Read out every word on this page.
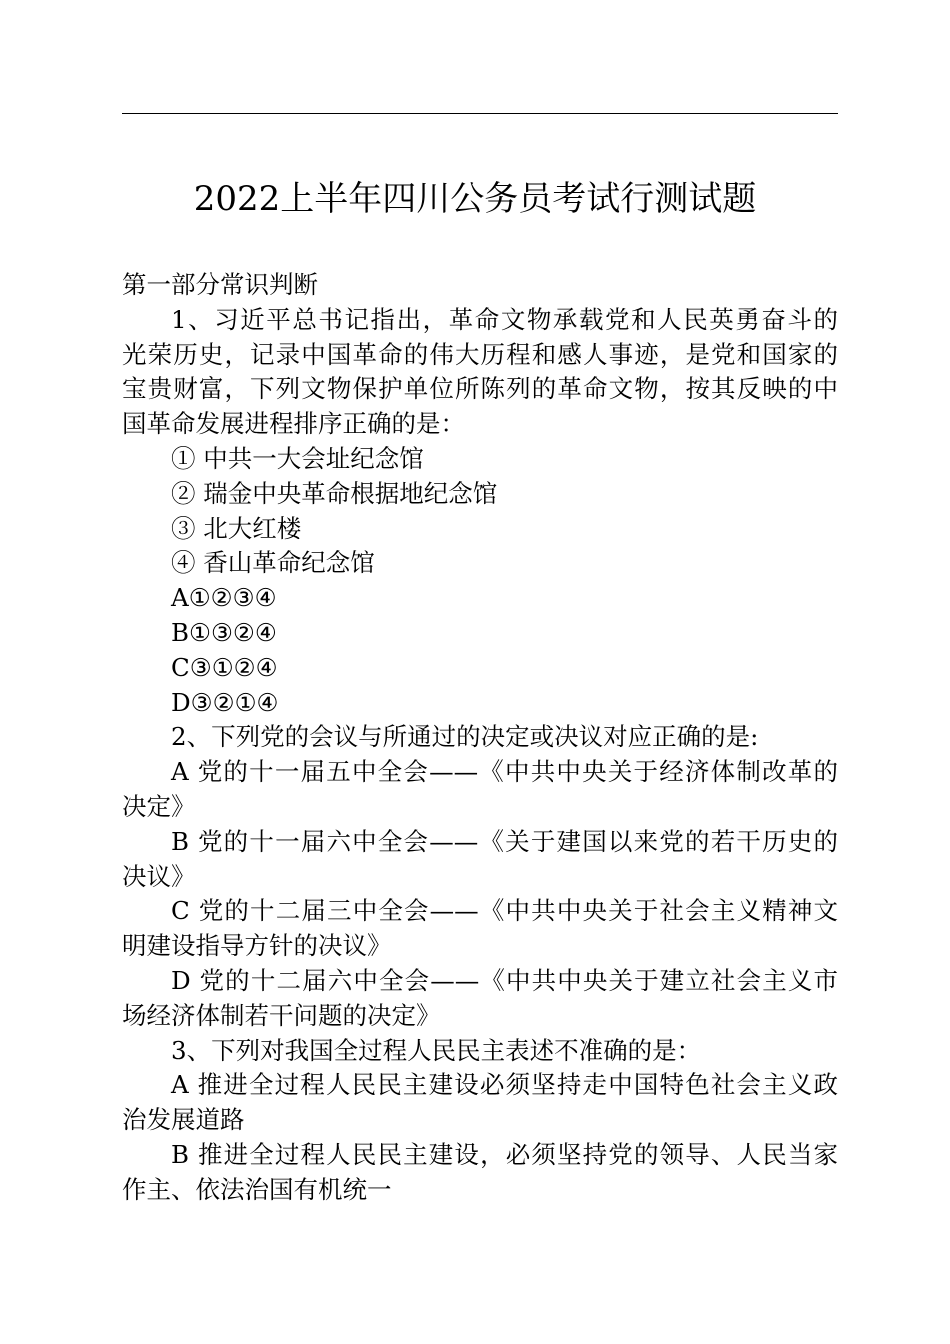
2022上半年四川公务员考试行测试题
第一部分常识判断
1、习近平总书记指出，革命文物承载党和人民英勇奋斗的
光荣历史，记录中国革命的伟大历程和感人事迹，是党和国家的
宝贵财富，下列文物保护单位所陈列的革命文物，按其反映的中
国革命发展进程排序正确的是：
① 中共一大会址纪念馆
② 瑞金中央革命根据地纪念馆
③ 北大红楼
④ 香山革命纪念馆
A①②③④
B①③②④
C③①②④
D③②①④
2、下列党的会议与所通过的决定或决议对应正确的是:
A 党的十一届五中全会——《中共中央关于经济体制改革的
决定》
B 党的十一届六中全会——《关于建国以来党的若干历史的
决议》
C 党的十二届三中全会——《中共中央关于社会主义精神文
明建设指导方针的决议》
D 党的十二届六中全会——《中共中央关于建立社会主义市
场经济体制若干问题的决定》
3、下列对我国全过程人民民主表述不准确的是：
A 推进全过程人民民主建设必须坚持走中国特色社会主义政
治发展道路
B 推进全过程人民民主建设，必须坚持党的领导、人民当家
作主、依法治国有机统一
